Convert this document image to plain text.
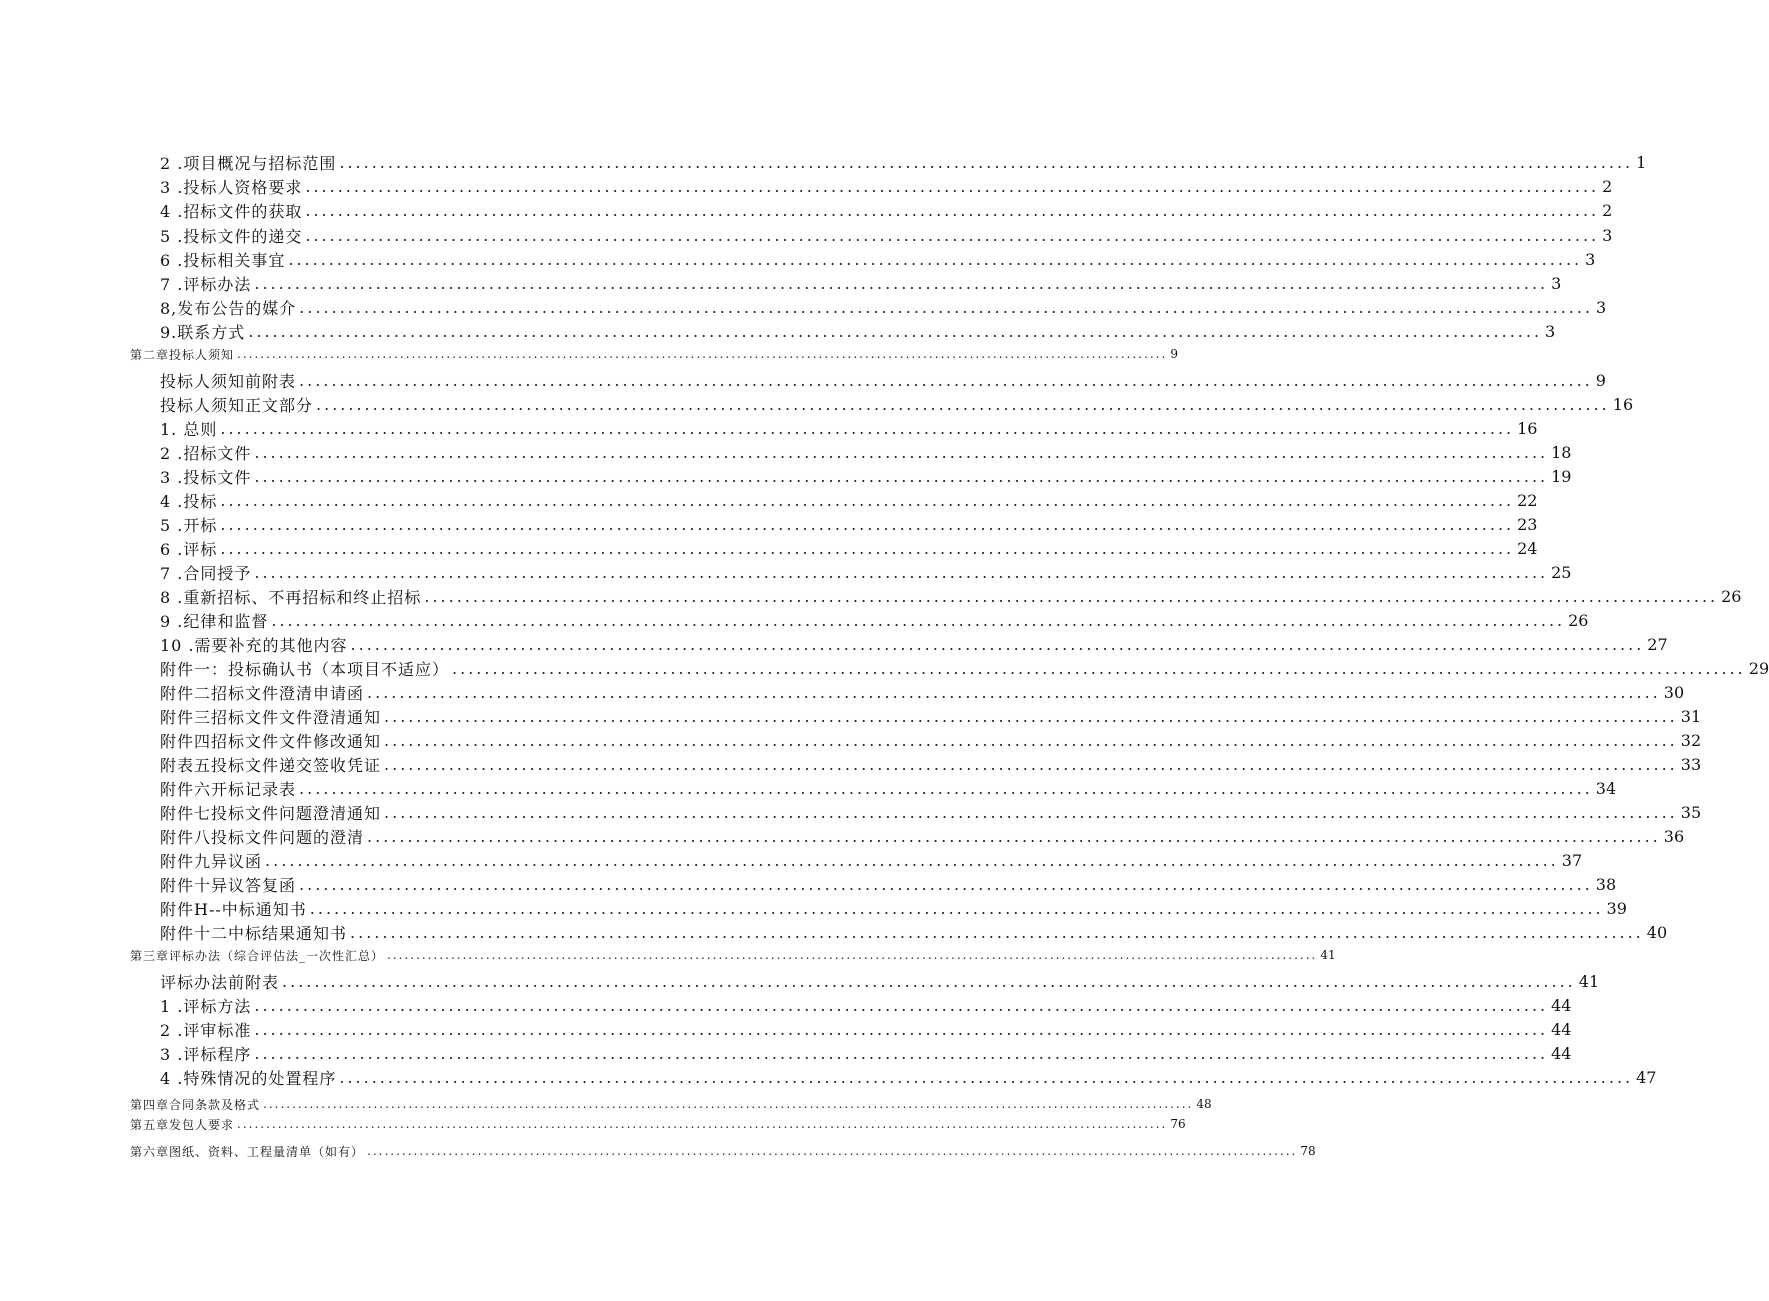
2 .项目概况与招标范围 ................................................................................................................................................................ 1
3 .投标人资格要求 ................................................................................................................................................................ 2
4 .招标文件的获取 ................................................................................................................................................................ 2
5 .投标文件的递交 ................................................................................................................................................................ 3
6 .投标相关事宜 ................................................................................................................................................................ 3
7 .评标办法 ................................................................................................................................................................ 3
8,发布公告的媒介 ................................................................................................................................................................ 3
9.联系方式 ................................................................................................................................................................ 3
第二章投标人须知 ................................................................................................................................................................ 9
投标人须知前附表 ................................................................................................................................................................ 9
投标人须知正文部分 ................................................................................................................................................................ 16
1. 总则 ................................................................................................................................................................ 16
2 .招标文件 ................................................................................................................................................................ 18
3 .投标文件 ................................................................................................................................................................ 19
4 .投标 ................................................................................................................................................................ 22
5 .开标 ................................................................................................................................................................ 23
6 .评标 ................................................................................................................................................................ 24
7 .合同授予 ................................................................................................................................................................ 25
8 .重新招标、不再招标和终止招标 ................................................................................................................................................................ 26
9 .纪律和监督 ................................................................................................................................................................ 26
10 .需要补充的其他内容 ................................................................................................................................................................ 27
附件一：投标确认书（本项目不适应） ................................................................................................................................................................ 29
附件二招标文件澄清申请函 ................................................................................................................................................................ 30
附件三招标文件文件澄清通知 ................................................................................................................................................................ 31
附件四招标文件文件修改通知 ................................................................................................................................................................ 32
附表五投标文件递交签收凭证 ................................................................................................................................................................ 33
附件六开标记录表 ................................................................................................................................................................ 34
附件七投标文件问题澄清通知 ................................................................................................................................................................ 35
附件八投标文件问题的澄清 ................................................................................................................................................................ 36
附件九异议函 ................................................................................................................................................................ 37
附件十异议答复函 ................................................................................................................................................................ 38
附件H--中标通知书 ................................................................................................................................................................ 39
附件十二中标结果通知书 ................................................................................................................................................................ 40
第三章评标办法（综合评估法_一次性汇总） ................................................................................................................................................................ 41
评标办法前附表 ................................................................................................................................................................ 41
1 .评标方法 ................................................................................................................................................................ 44
2 .评审标准 ................................................................................................................................................................ 44
3 .评标程序 ................................................................................................................................................................ 44
4 .特殊情况的处置程序 ................................................................................................................................................................ 47
第四章合同条款及格式 ................................................................................................................................................................ 48
第五章发包人要求 ................................................................................................................................................................ 76
第六章图纸、资料、工程量清单（如有） ................................................................................................................................................................ 78
